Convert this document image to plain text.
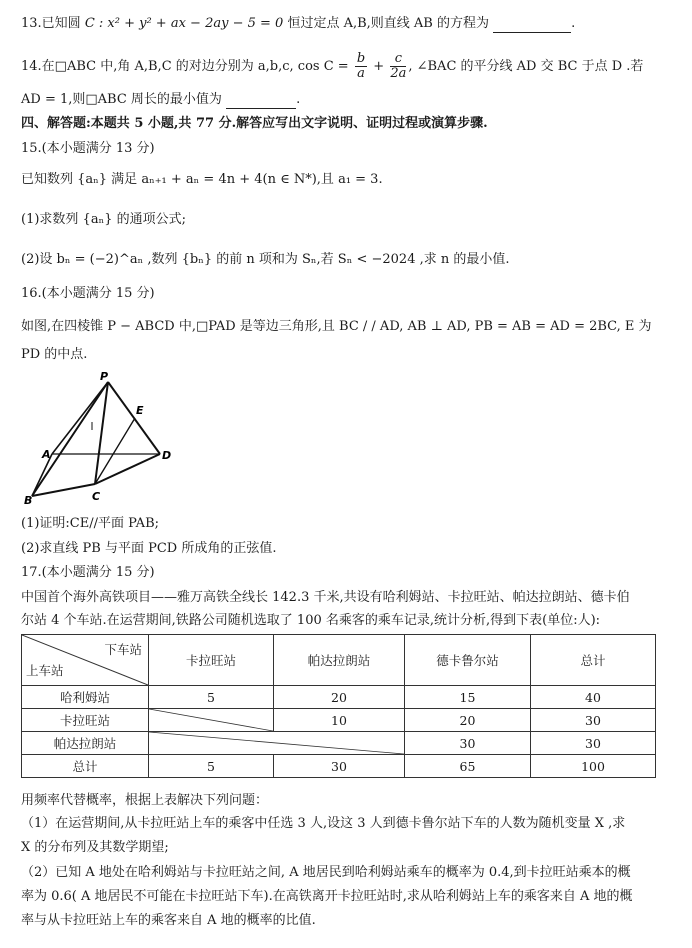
13.已知圆 C : x² + y² + ax − 2ay − 5 = 0 恒过定点 A,B,则直线 AB 的方程为	.
14.在□ABC 中,角 A,B,C 的对边分别为 a,b,c, $\cos C = \frac{b}{a} + \frac{c}{2a}$ , ∠BAC 的平分线 AD 交 BC 于点 D .若
AD = 1,则□ABC 周长的最小值为	.
四、解答题:本题共 5 小题,共 77 分.解答应写出文字说明、证明过程或演算步骤.
15.(本小题满分 13 分)
已知数列 {aₙ} 满足 aₙ₊₁ + aₙ = 4n + 4(n ∈ N*),且 a₁ = 3.
(1)求数列 {aₙ} 的通项公式;
(2)设 bₙ = (−2)^aₙ ,数列 {bₙ} 的前 n 项和为 Sₙ,若 Sₙ < −2024 ,求 n 的最小值.
16.(本小题满分 15 分)
如图,在四棱锥 P − ABCD 中,□PAD 是等边三角形,且 BC / / AD, AB ⊥ AD, PB = AB = AD = 2BC, E 为
PD 的中点.
P
E
A	D
B	C
(1)证明:CE//平面 PAB;
(2)求直线 PB 与平面 PCD 所成角的正弦值.
17.(本小题满分 15 分)
中国首个海外高铁项目——雅万高铁全线长 142.3 千米,共设有哈利姆站、卡拉旺站、帕达拉朗站、德卡伯
尔站 4 个车站.在运营期间,铁路公司随机选取了 100 名乘客的乘车记录,统计分析,得到下表(单位:人):
下车站
上车站	卡拉旺站	帕达拉朗站	德卡鲁尔站	总计
哈利姆站	5	20	15	40
卡拉旺站		10	20	30
帕达拉朗站			30	30
总计	5	30	65	100
用频率代替概率，根据上表解决下列问题：
（1）在运营期间,从卡拉旺站上车的乘客中任选 3 人,设这 3 人到德卡鲁尔站下车的人数为随机变量 X ,求
X 的分布列及其数学期望;
（2）已知 A 地处在哈利姆站与卡拉旺站之间, A 地居民到哈利姆站乘车的概率为 0.4,到卡拉旺站乘本的概
率为 0.6( A 地居民不可能在卡拉旺站下车).在高铁离开卡拉旺站时,求从哈利姆站上车的乘客来自 A 地的概
率与从卡拉旺站上车的乘客来自 A 地的概率的比值.
